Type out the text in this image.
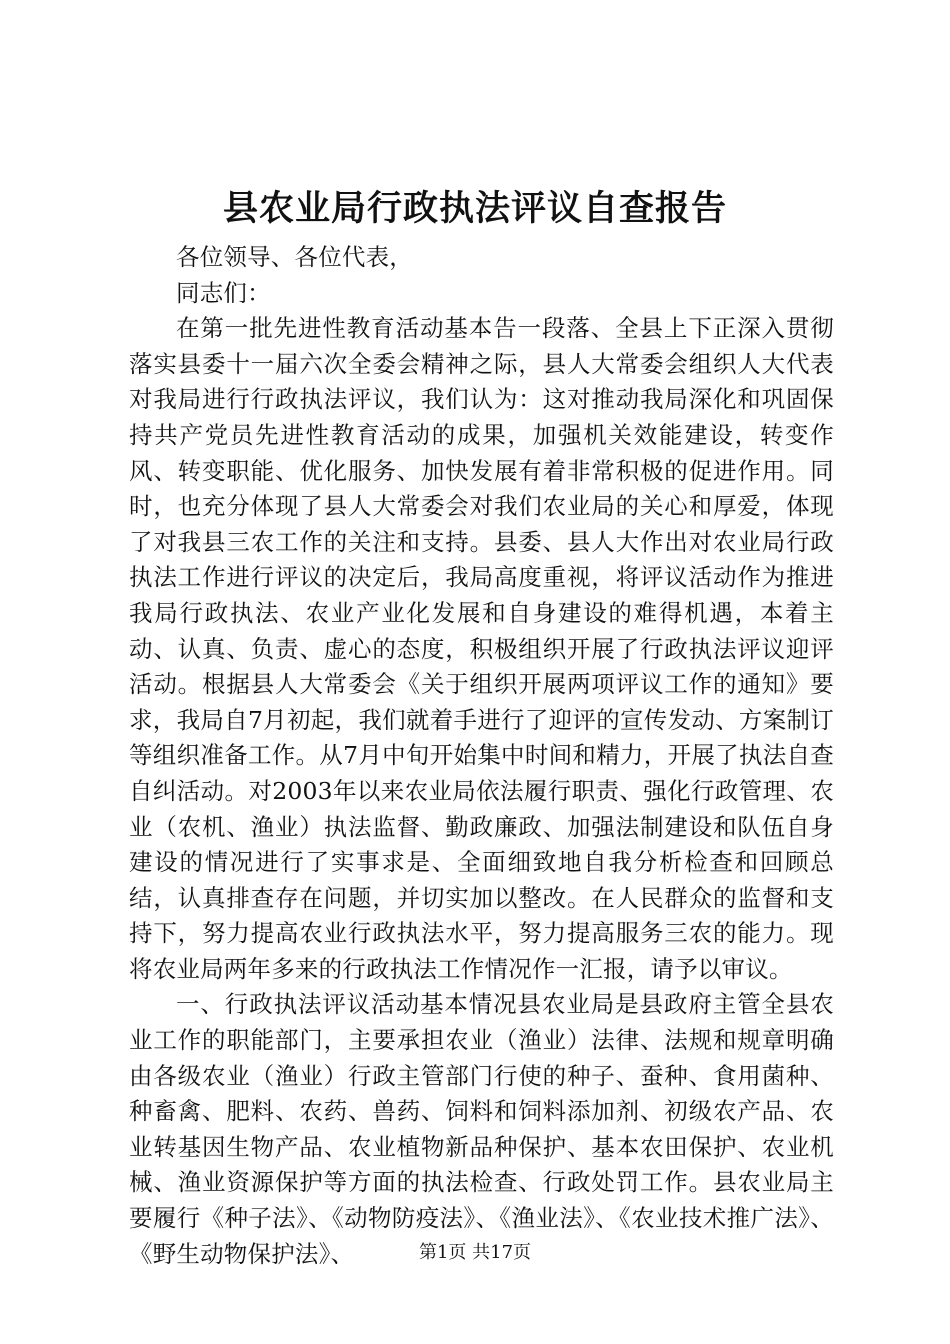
县农业局行政执法评议自查报告

各位领导、各位代表，

同志们：

在第一批先进性教育活动基本告一段落、全县上下正深入贯彻落实县委十一届六次全委会精神之际，县人大常委会组织人大代表对我局进行行政执法评议，我们认为：这对推动我局深化和巩固保持共产党员先进性教育活动的成果，加强机关效能建设，转变作风、转变职能、优化服务、加快发展有着非常积极的促进作用。同时，也充分体现了县人大常委会对我们农业局的关心和厚爱，体现了对我县三农工作的关注和支持。县委、县人大作出对农业局行政执法工作进行评议的决定后，我局高度重视，将评议活动作为推进我局行政执法、农业产业化发展和自身建设的难得机遇，本着主动、认真、负责、虚心的态度，积极组织开展了行政执法评议迎评活动。根据县人大常委会《关于组织开展两项评议工作的通知》要求，我局自7月初起，我们就着手进行了迎评的宣传发动、方案制订等组织准备工作。从7月中旬开始集中时间和精力，开展了执法自查自纠活动。对2003年以来农业局依法履行职责、强化行政管理、农业（农机、渔业）执法监督、勤政廉政、加强法制建设和队伍自身建设的情况进行了实事求是、全面细致地自我分析检查和回顾总结，认真排查存在问题，并切实加以整改。在人民群众的监督和支持下，努力提高农业行政执法水平，努力提高服务三农的能力。现将农业局两年多来的行政执法工作情况作一汇报，请予以审议。

一、行政执法评议活动基本情况县农业局是县政府主管全县农业工作的职能部门，主要承担农业（渔业）法律、法规和规章明确由各级农业（渔业）行政主管部门行使的种子、蚕种、食用菌种、种畜禽、肥料、农药、兽药、饲料和饲料添加剂、初级农产品、农业转基因生物产品、农业植物新品种保护、基本农田保护、农业机械、渔业资源保护等方面的执法检查、行政处罚工作。县农业局主要履行《种子法》、《动物防疫法》、《渔业法》、《农业技术推广法》、《野生动物保护法》、	第1页 共17页
